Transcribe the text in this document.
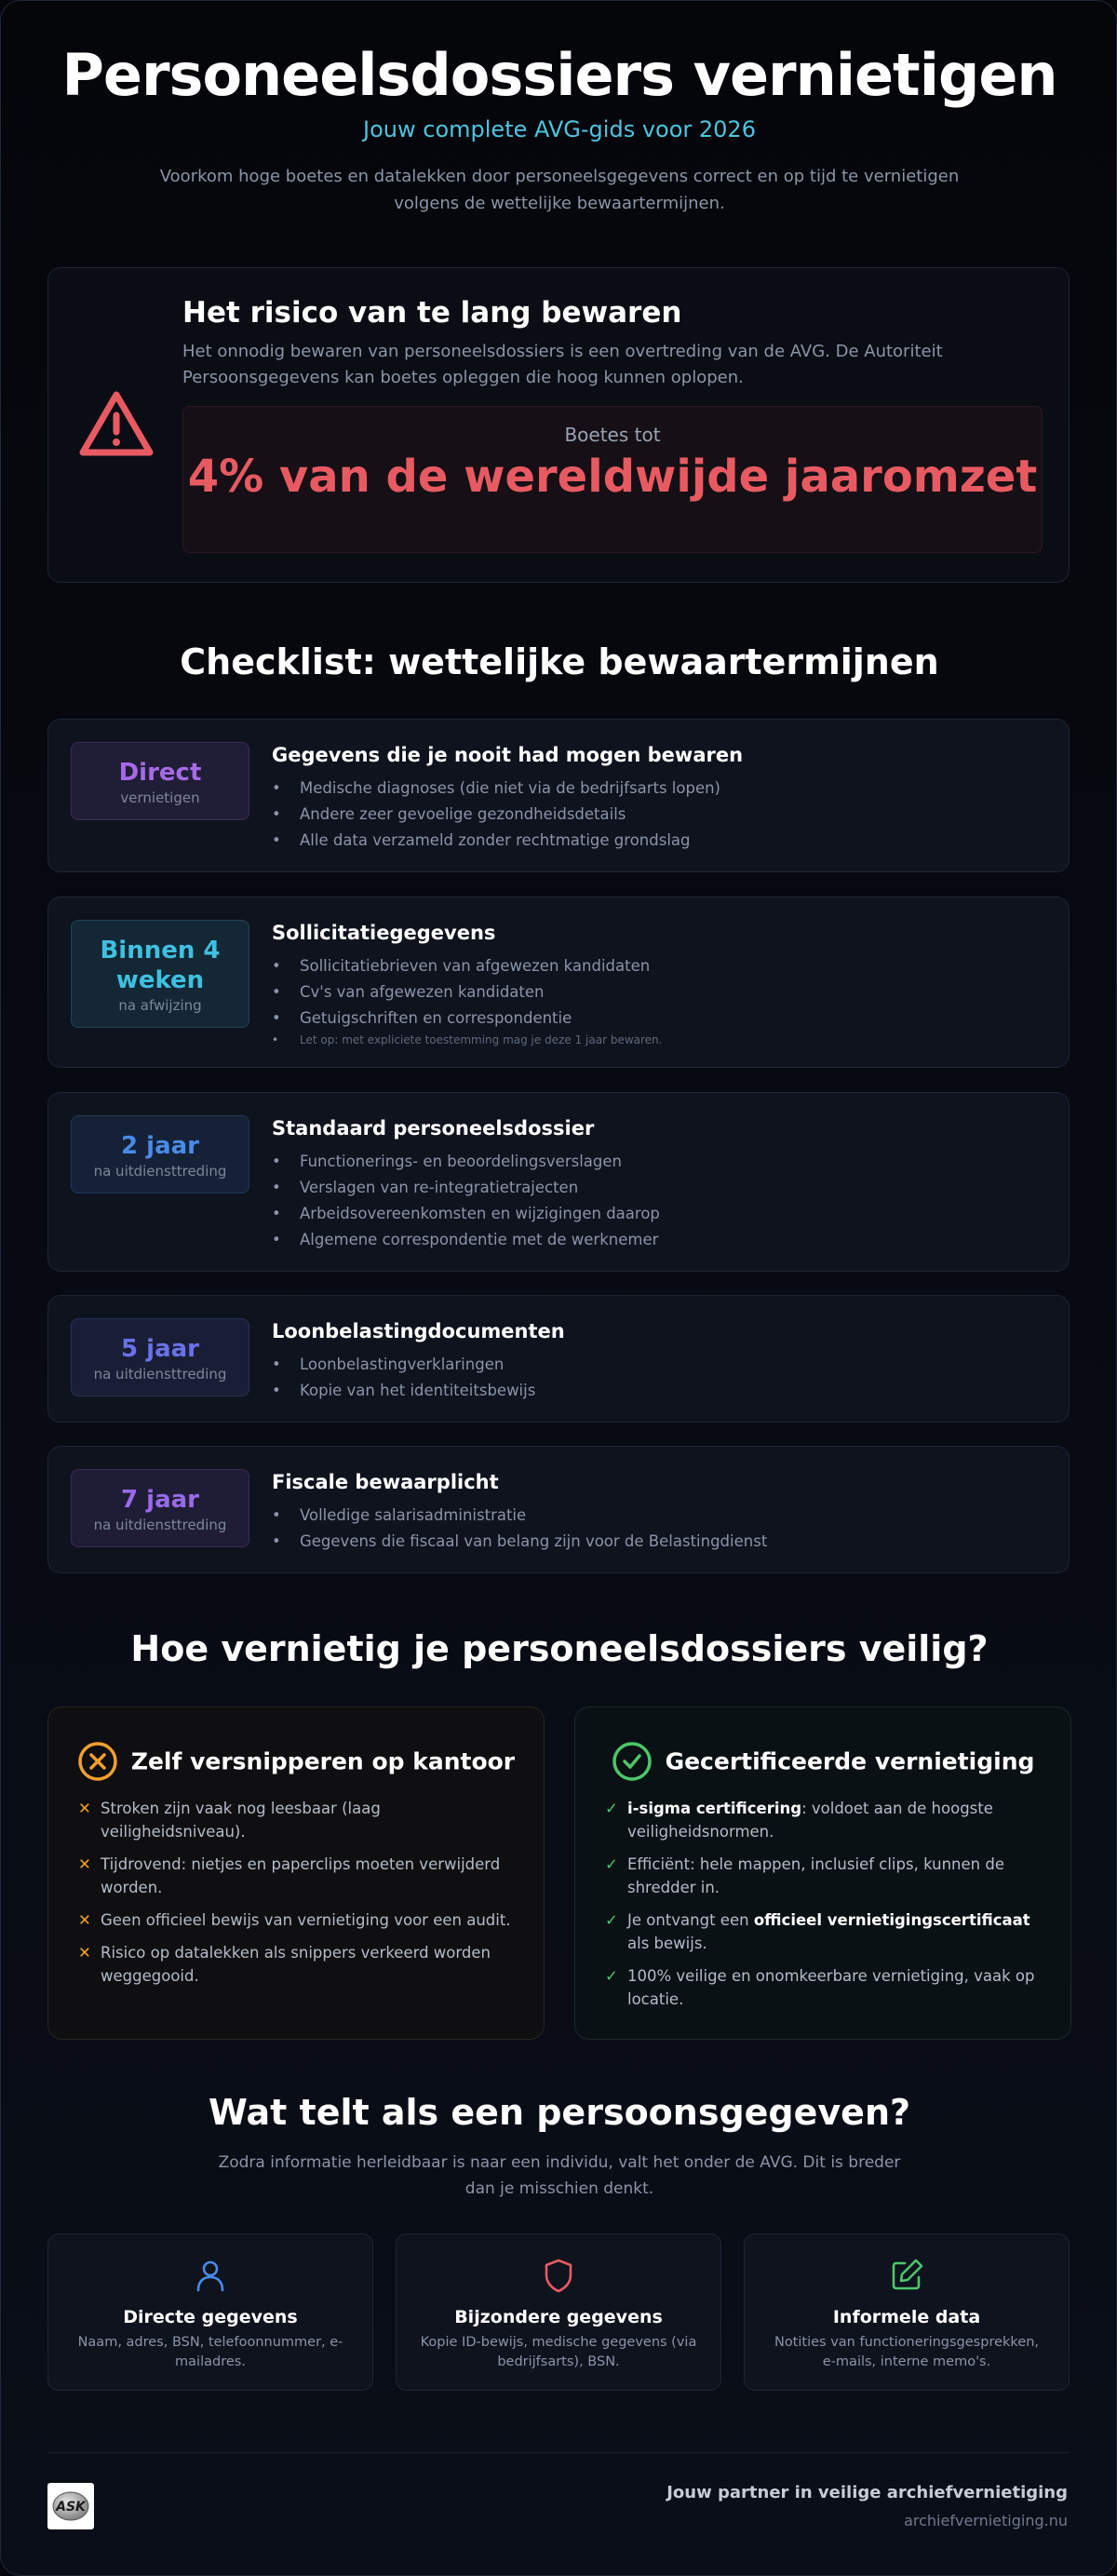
Personeelsdossiers vernietigen
Jouw complete AVG-gids voor 2026
Voorkom hoge boetes en datalekken door personeelsgegevens correct en op tijd te vernietigen volgens de wettelijke bewaartermijnen.
Het risico van te lang bewaren

Het onnodig bewaren van personeelsdossiers is een overtreding van de AVG. De Autoriteit Persoonsgegevens kan boetes opleggen die hoog kunnen oplopen.

Boetes tot
4% van de wereldwijde jaaromzet
Checklist: wettelijke bewaartermijnen
Direct
vernietigen
Gegevens die je nooit had mogen bewaren
• Medische diagnoses (die niet via de bedrijfsarts lopen)
• Andere zeer gevoelige gezondheidsdetails
• Alle data verzameld zonder rechtmatige grondslag
Binnen 4 weken
na afwijzing
Sollicitatiegegevens
• Sollicitatiebrieven van afgewezen kandidaten
• Cv's van afgewezen kandidaten
• Getuigschriften en correspondentie
• Let op: met expliciete toestemming mag je deze 1 jaar bewaren.
2 jaar
na uitdiensttreding
Standaard personeelsdossier
• Functionerings- en beoordelingsverslagen
• Verslagen van re-integratietrajecten
• Arbeidsovereenkomsten en wijzigingen daarop
• Algemene correspondentie met de werknemer
5 jaar
na uitdiensttreding
Loonbelastingdocumenten
• Loonbelastingverklaringen
• Kopie van het identiteitsbewijs
7 jaar
na uitdiensttreding
Fiscale bewaarplicht
• Volledige salarisadministratie
• Gegevens die fiscaal van belang zijn voor de Belastingdienst
Hoe vernietig je personeelsdossiers veilig?
Zelf versnipperen op kantoor
✕ Stroken zijn vaak nog leesbaar (laag veiligheidsniveau).
✕ Tijdrovend: nietjes en paperclips moeten verwijderd worden.
✕ Geen officieel bewijs van vernietiging voor een audit.
✕ Risico op datalekken als snippers verkeerd worden weggegooid.
Gecertificeerde vernietiging
✓ i-sigma certificering: voldoet aan de hoogste veiligheidsnormen.
✓ Efficiënt: hele mappen, inclusief clips, kunnen de shredder in.
✓ Je ontvangt een officieel vernietigingscertificaat als bewijs.
✓ 100% veilige en onomkeerbare vernietiging, vaak op locatie.
Wat telt als een persoonsgegeven?
Zodra informatie herleidbaar is naar een individu, valt het onder de AVG. Dit is breder dan je misschien denkt.
Directe gegevens
Naam, adres, BSN, telefoonnummer, e-mailadres.
Bijzondere gegevens
Kopie ID-bewijs, medische gegevens (via bedrijfsarts), BSN.
Informele data
Notities van functioneringsgesprekken, e-mails, interne memo's.
ASK
Jouw partner in veilige archiefvernietiging
archiefvernietiging.nu
